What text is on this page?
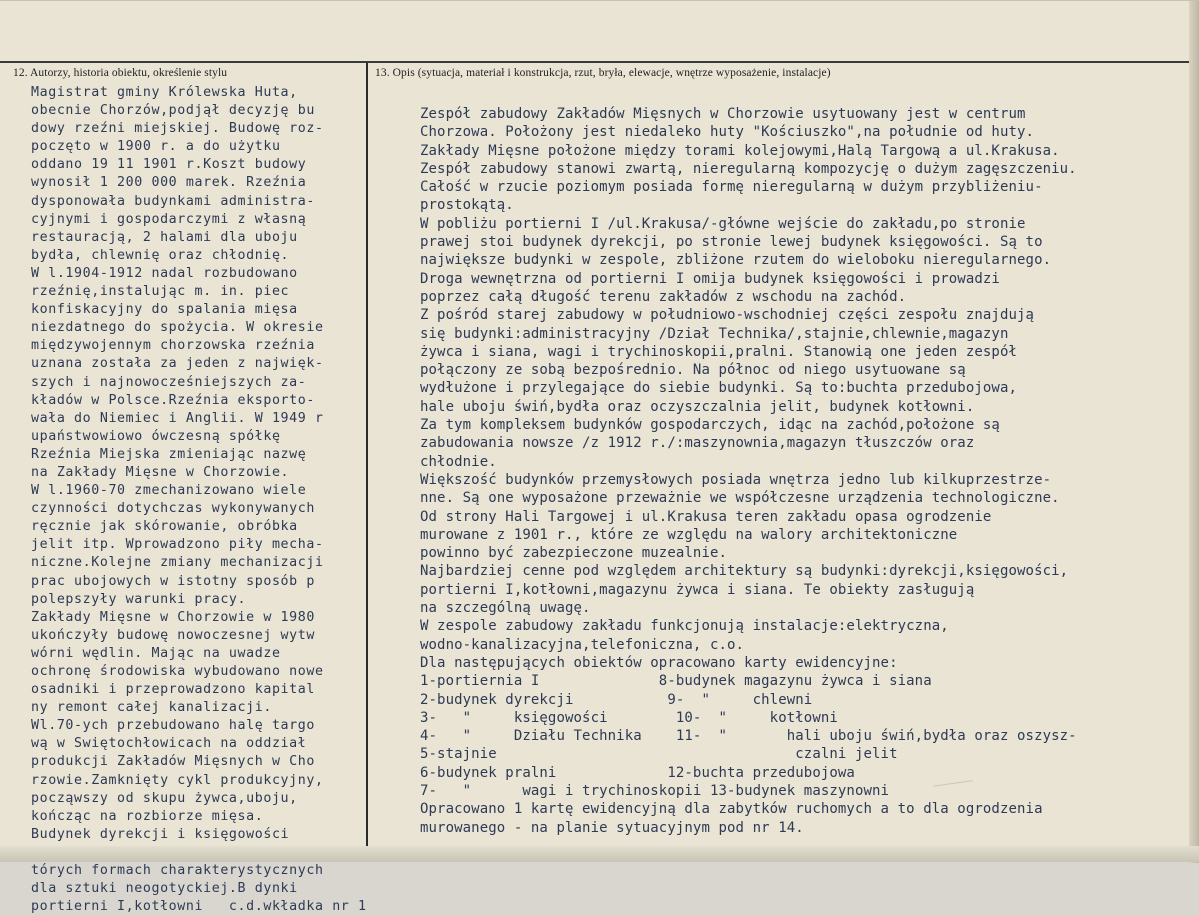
12. Autorzy, historia obiektu, określenie stylu	13. Opis (sytuacja, materiał i konstrukcja, rzut, bryła, elewacje, wnętrze wyposażenie, instalacje)
Magistrat gminy Królewska Huta,
obecnie Chorzów,podjął decyzję bu
dowy rzeźni miejskiej. Budowę roz-
poczęto w 1900 r. a do użytku
oddano 19 11 1901 r.Koszt budowy
wynosił 1 200 000 marek. Rzeźnia
dysponowała budynkami administra-
cyjnymi i gospodarczymi z własną
restauracją, 2 halami dla uboju
bydła, chlewnię oraz chłodnię.
W l.1904-1912 nadal rozbudowano
rzeźnię,instalując m. in. piec
konfiskacyjny do spalania mięsa
niezdatnego do spożycia. W okresie
międzywojennym chorzowska rzeźnia
uznana została za jeden z najwięk-
szych i najnowocześniejszych za-
kładów w Polsce.Rzeźnia eksporto-
wała do Niemiec i Anglii. W 1949 r
upaństwowiowo ówczesną spółkę
Rzeźnia Miejska zmieniając nazwę
na Zakłady Mięsne w Chorzowie.
W l.1960-70 zmechanizowano wiele
czynności dotychczas wykonywanych
ręcznie jak skórowanie, obróbka
jelit itp. Wprowadzono piły mecha-
niczne.Kolejne zmiany mechanizacji
prac ubojowych w istotny sposób p
polepszyły warunki pracy.
Zakłady Mięsne w Chorzowie w 1980
ukończyły budowę nowoczesnej wytw
wórni wędlin. Mając na uwadze
ochronę środowiska wybudowano nowe
osadniki i przeprowadzono kapital
ny remont całej kanalizacji.
Wl.70-ych przebudowano halę targo
wą w Swiętochłowicach na oddział
produkcji Zakładów Mięsnych w Cho
rzowie.Zamknięty cykl produkcyjny,
począwszy od skupu żywca,uboju,
kończąc na rozbiorze mięsa.
Budynek dyrekcji i księgowości
tórych formach charakterystycznych
dla sztuki neogotyckiej.B dynki
portierni I,kotłowni   c.d.wkładka nr 1
Zespół zabudowy Zakładów Mięsnych w Chorzowie usytuowany jest w centrum
Chorzowa. Położony jest niedaleko huty "Kościuszko",na południe od huty.
Zakłady Mięsne położone między torami kolejowymi,Halą Targową a ul.Krakusa.
Zespół zabudowy stanowi zwartą, nieregularną kompozycję o dużym zagęszczeniu.
Całość w rzucie poziomym posiada formę nieregularną w dużym przybliżeniu-
prostokątą.
W pobliżu portierni I /ul.Krakusa/-główne wejście do zakładu,po stronie
prawej stoi budynek dyrekcji, po stronie lewej budynek księgowości. Są to
największe budynki w zespole, zbliżone rzutem do wieloboku nieregularnego.
Droga wewnętrzna od portierni I omija budynek księgowości i prowadzi
poprzez całą długość terenu zakładów z wschodu na zachód.
Z pośród starej zabudowy w południowo-wschodniej części zespołu znajdują
się budynki:administracyjny /Dział Technika/,stajnie,chlewnie,magazyn
żywca i siana, wagi i trychinoskopii,pralni. Stanowią one jeden zespół
połączony ze sobą bezpośrednio. Na północ od niego usytuowane są
wydłużone i przylegające do siebie budynki. Są to:buchta przedubojowa,
hale uboju świń,bydła oraz oczyszczalnia jelit, budynek kotłowni.
Za tym kompleksem budynków gospodarczych, idąc na zachód,położone są
zabudowania nowsze /z 1912 r./:maszynownia,magazyn tłuszczów oraz
chłodnie.
Większość budynków przemysłowych posiada wnętrza jedno lub kilkuprzestrze-
nne. Są one wyposażone przeważnie we współczesne urządzenia technologiczne.
Od strony Hali Targowej i ul.Krakusa teren zakładu opasa ogrodzenie
murowane z 1901 r., które ze względu na walory architektoniczne
powinno być zabezpieczone muzealnie.
Najbardziej cenne pod względem architektury są budynki:dyrekcji,księgowości,
portierni I,kotłowni,magazynu żywca i siana. Te obiekty zasługują
na szczególną uwagę.
W zespole zabudowy zakładu funkcjonują instalacje:elektryczna,
wodno-kanalizacyjna,telefoniczna, c.o.
Dla następujących obiektów opracowano karty ewidencyjne:
1-portiernia I              8-budynek magazynu żywca i siana
2-budynek dyrekcji           9-  "     chlewni
3-   "     księgowości        10-  "     kotłowni
4-   "     Działu Technika    11-  "       hali uboju świń,bydła oraz oszysz-
5-stajnie                                   czalni jelit
6-budynek pralni             12-buchta przedubojowa
7-   "      wagi i trychinoskopii 13-budynek maszynowni
Opracowano 1 kartę ewidencyjną dla zabytków ruchomych a to dla ogrodzenia
murowanego - na planie sytuacyjnym pod nr 14.
